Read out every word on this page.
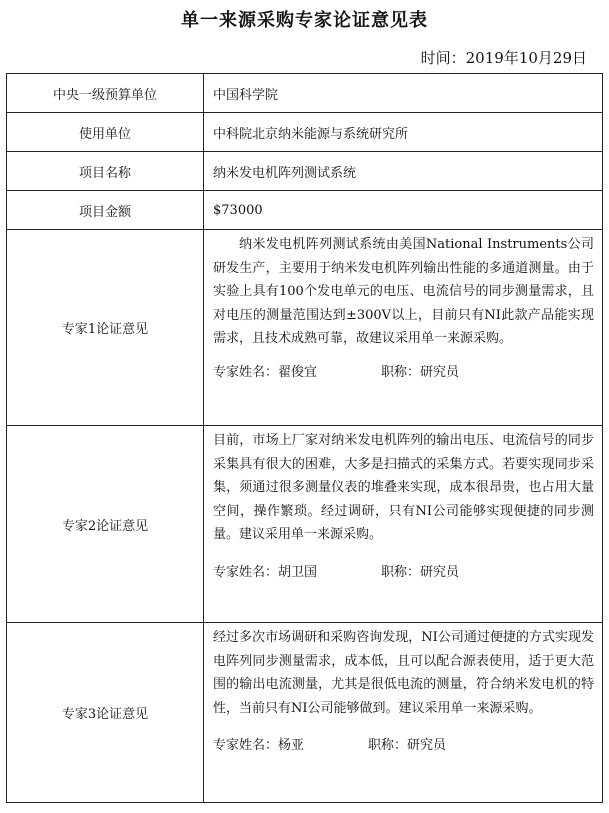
单一来源采购专家论证意见表
时间：2019年10月29日
中央一级预算单位	中国科学院
使用单位	中科院北京纳米能源与系统研究所
项目名称	纳米发电机阵列测试系统
项目金额	$73000
专家1论证意见	纳米发电机阵列测试系统由美国National Instruments公司研发生产，主要用于纳米发电机阵列输出性能的多通道测量。由于实验上具有100个发电单元的电压、电流信号的同步测量需求，且对电压的测量范围达到±300V以上，目前只有NI此款产品能实现需求，且技术成熟可靠，故建议采用单一来源采购。
专家姓名：翟俊宜 职称：研究员

专家2论证意见	目前，市场上厂家对纳米发电机阵列的输出电压、电流信号的同步采集具有很大的困难，大多是扫描式的采集方式。若要实现同步采集，须通过很多测量仪表的堆叠来实现，成本很昂贵，也占用大量空间，操作繁琐。经过调研，只有NI公司能够实现便捷的同步测量。建议采用单一来源采购。
专家姓名：胡卫国 职称：研究员

专家3论证意见	经过多次市场调研和采购咨询发现，NI公司通过便捷的方式实现发电阵列同步测量需求，成本低，且可以配合源表使用，适于更大范围的输出电流测量，尤其是很低电流的测量，符合纳米发电机的特性，当前只有NI公司能够做到。建议采用单一来源采购。
专家姓名：杨亚 职称：研究员
